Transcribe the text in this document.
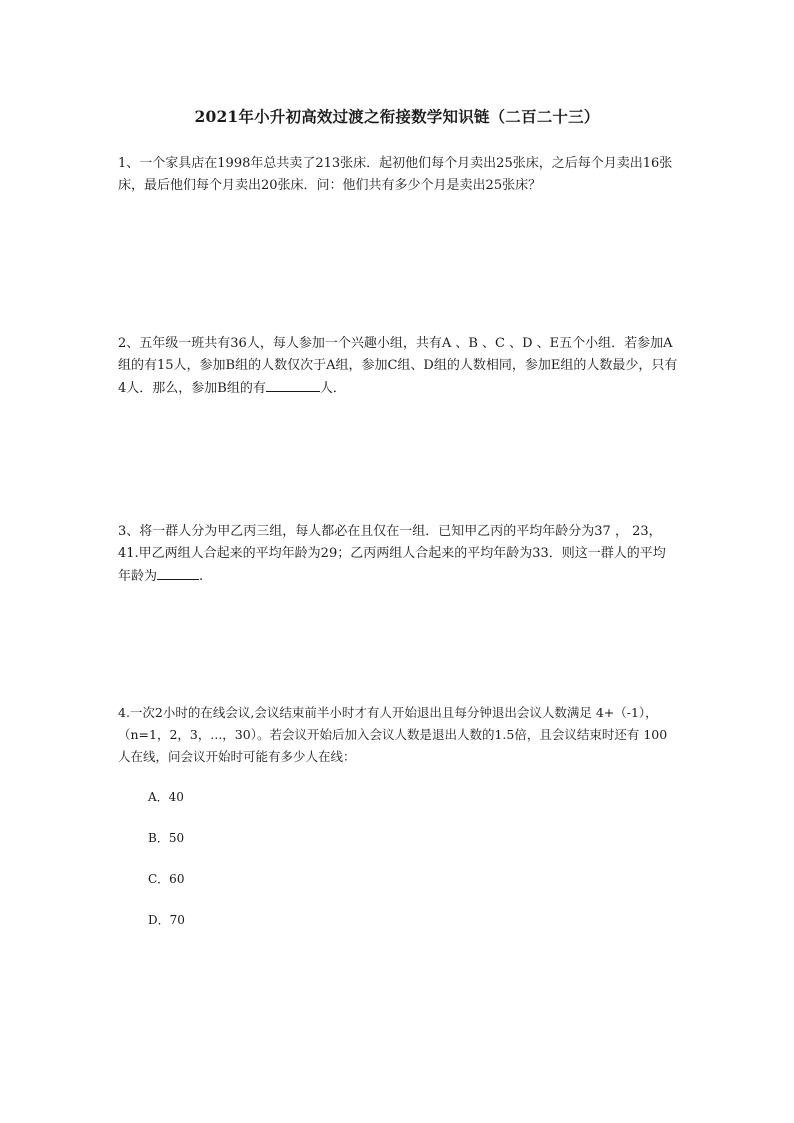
2021年小升初高效过渡之衔接数学知识链（二百二十三）
1、一个家具店在1998年总共卖了213张床．起初他们每个月卖出25张床，之后每个月卖出16张床，最后他们每个月卖出20张床．问：他们共有多少个月是卖出25张床？
2、五年级一班共有36人，每人参加一个兴趣小组，共有A 、B 、C 、D 、E五个小组．若参加A组的有15人，参加B组的人数仅次于A组，参加C组、D组的人数相同，参加E组的人数最少，只有4人．那么，参加B组的有	人．
3、将一群人分为甲乙丙三组，每人都必在且仅在一组．已知甲乙丙的平均年龄分为37 ， 23， 41.甲乙两组人合起来的平均年龄为29；乙丙两组人合起来的平均年龄为33．则这一群人的平均年龄为	.
4.一次2小时的在线会议,会议结束前半小时才有人开始退出且每分钟退出会议人数满足 4+（-1），（n=1，2，3，...，30）。若会议开始后加入会议人数是退出人数的1.5倍，且会议结束时还有 100人在线，问会议开始时可能有多少人在线：
A．40
B．50
C．60
D．70
